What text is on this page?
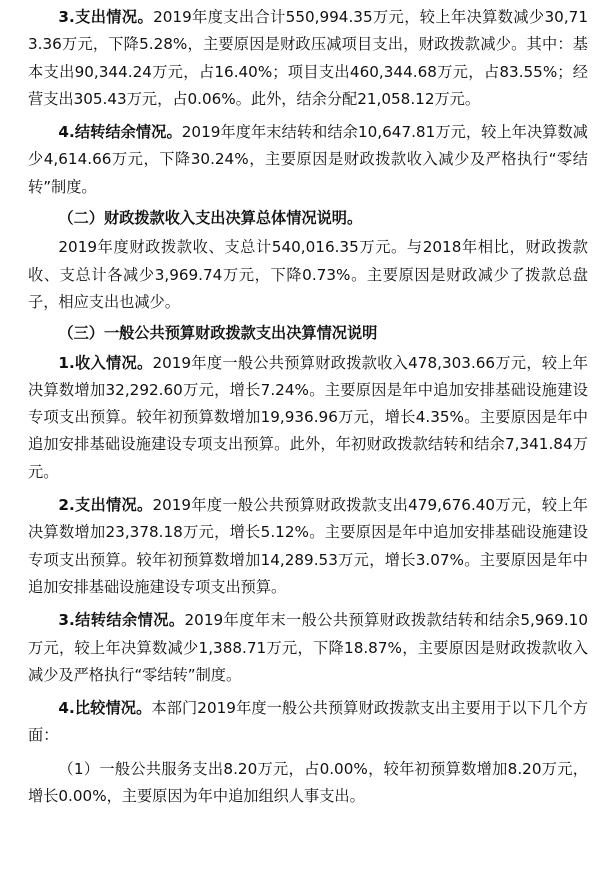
3.支出情况。2019年度支出合计550,994.35万元，较上年决算数减少30,713.36万元，下降5.28%，主要原因是财政压减项目支出，财政拨款减少。其中：基本支出90,344.24万元，占16.40%；项目支出460,344.68万元，占83.55%；经营支出305.43万元，占0.06%。此外，结余分配21,058.12万元。

4.结转结余情况。2019年度年末结转和结余10,647.81万元，较上年决算数减少4,614.66万元，下降30.24%，主要原因是财政拨款收入减少及严格执行“零结转”制度。

（二）财政拨款收入支出决算总体情况说明。

2019年度财政拨款收、支总计540,016.35万元。与2018年相比，财政拨款收、支总计各减少3,969.74万元，下降0.73%。主要原因是财政减少了拨款总盘子，相应支出也减少。

（三）一般公共预算财政拨款支出决算情况说明

1.收入情况。2019年度一般公共预算财政拨款收入478,303.66万元，较上年决算数增加32,292.60万元，增长7.24%。主要原因是年中追加安排基础设施建设专项支出预算。较年初预算数增加19,936.96万元，增长4.35%。主要原因是年中追加安排基础设施建设专项支出预算。此外，年初财政拨款结转和结余7,341.84万元。

2.支出情况。2019年度一般公共预算财政拨款支出479,676.40万元，较上年决算数增加23,378.18万元，增长5.12%。主要原因是年中追加安排基础设施建设专项支出预算。较年初预算数增加14,289.53万元，增长3.07%。主要原因是年中追加安排基础设施建设专项支出预算。

3.结转结余情况。2019年度年末一般公共预算财政拨款结转和结余5,969.10万元，较上年决算数减少1,388.71万元，下降18.87%，主要原因是财政拨款收入减少及严格执行“零结转”制度。

4.比较情况。本部门2019年度一般公共预算财政拨款支出主要用于以下几个方面：

（1）一般公共服务支出8.20万元，占0.00%，较年初预算数增加8.20万元，增长0.00%，主要原因为年中追加组织人事支出。
